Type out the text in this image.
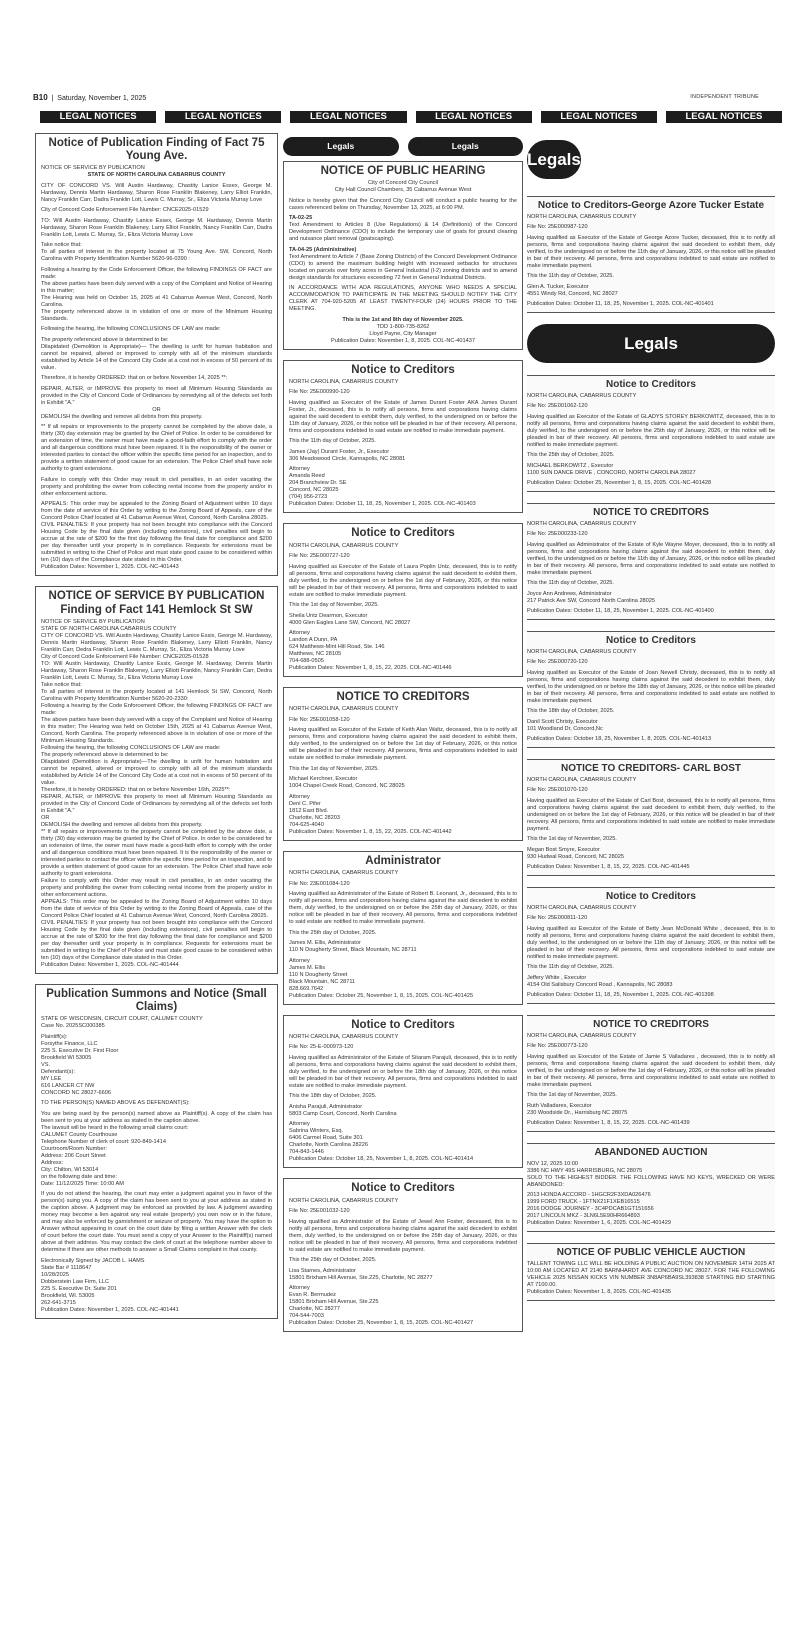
B10  |  Saturday, November 1, 2025	INDEPENDENT TRIBUNE
LEGAL NOTICES	LEGAL NOTICES	LEGAL NOTICES	LEGAL NOTICES	LEGAL NOTICES	LEGAL NOTICES
Notice of Publication Finding of Fact 75 Young Ave.
NOTICE OF SERVICE BY PUBLICATION
STATE OF NORTH CAROLINA CABARRUS COUNTY
CITY OF CONCORD VS. Will Austin Hardaway, Chastity Lanice Essex, George M. Hardaway, Dennis Martin Hardaway, Sharon Rose Franklin Blakeney, Larry Elliot Franklin, Nancy Franklin Carr, Dadra Franklin Lott, Lewis C. Murray, Sr., Eliza Victoria Murray Love
City of Concord Code Enforcement File Number: CNCE2025-01529
TO: Will Austin Hardaway, Chastity Lanice Essex, George M. Hardaway, Dennis Martin Hardaway, Sharon Rose Franklin Blakeney, Larry Elliot Franklin, Nancy Franklin Carr, Dadra Franklin Lott, Lewis C. Murray, Sr., Eliza Victoria Murray Love
Take notice that:
To all parties of interest in the property located at 75 Young Ave. SW, Concord, North Carolina with Property Identification Number 5620-96-0390 :
Following a hearing by the Code Enforcement Officer, the following FINDINGS OF FACT are made:
The above parties have been duly served with a copy of the Complaint and Notice of Hearing in this matter;
The Hearing was held on October 15, 2025 at 41 Cabarrus Avenue West, Concord, North Carolina.
The property referenced above is in violation of one or more of the Minimum Housing Standards.
Following the hearing, the following CONCLUSIONS OF LAW are made:
The property referenced above is determined to be:
Dilapidated (Demolition is Appropriate)— The dwelling is unfit for human habitation and cannot be repaired, altered or improved to comply with all of the minimum standards established by Article 14 of the Concord City Code at a cost not in excess of 50 percent of its value.
Therefore, it is hereby ORDERED: that on or before November 14, 2025 **:
REPAIR, ALTER, or IMPROVE this property to meet all Minimum Housing Standards as provided in the City of Concord Code of Ordinances by remedying all of the defects set forth in Exhibit "A."
OR
DEMOLISH the dwelling and remove all debris from this property.
** If all repairs or improvements to the property cannot be completed by the above date, a thirty (30) day extension may be granted by the Chief of Police. In order to be considered for an extension of time, the owner must have made a good-faith effort to comply with the order and all dangerous conditions must have been repaired. It is the responsibility of the owner or interested parties to contact the officer within the specific time period for an inspection, and to provide a written statement of good cause for an extension. The Police Chief shall have sole authority to grant extensions.
Failure to comply with this Order may result in civil penalties, in an order vacating the property and prohibiting the owner from collecting rental income from the property and/or in other enforcement actions.
APPEALS: This order may be appealed to the Zoning Board of Adjustment within 10 days from the date of service of this Order by writing to the Zoning Board of Appeals, care of the Concord Police Chief located at 41 Cabarrus Avenue West, Concord, North Carolina 28025.
CIVIL PENALTIES: If your property has not been brought into compliance with the Concord Housing Code by the final date given (including extensions), civil penalties will begin to accrue at the rate of $200 for the first day following the final date for compliance and $200 per day thereafter until your property is in compliance. Requests for extensions must be submitted in writing to the Chief of Police and must state good cause to be considered within ten (10) days of the Compliance date stated in this Order.
Publication Dates: November 1, 2025. COL-NC-401443
NOTICE OF SERVICE BY PUBLICATION Finding of Fact 141 Hemlock St SW
NOTICE OF SERVICE BY PUBLICATION
STATE OF NORTH CAROLINA CABARRUS COUNTY
CITY OF CONCORD VS. Will Austin Hardaway, Chastity Lanice Essix, George M. Hardaway, Dennis Martin Hardaway, Sharon Rose Franklin Blakeney, Larry Elliott Franklin, Nancy Franklin Carr, Dedra Franklin Lott, Lewis C. Murray, Sr., Eliza Victoria Murray Love
City of Concord Code Enforcement File Number: CNCE2025-01528
TO: Will Austin Hardaway, Chastity Lanice Essix, George M. Hardaway, Dennis Martin Hardaway, Sharon Rose Franklin Blakeney, Larry Elliott Franklin, Nancy Franklin Carr, Dedra Franklin Lott, Lewis C. Murray, Sr., Eliza Victoria Murray Love
Take notice that:
To all parties of interest in the property located at 141 Hemlock St SW, Concord, North Carolina with Property Identification Number 5620-20-2330:
Following a hearing by the Code Enforcement Officer, the following FINDINGS OF FACT are made:
The above parties have been duly served with a copy of the Complaint and Notice of Hearing in this matter; The Hearing was held on October 15th, 2025 at 41 Cabarrus Avenue West, Concord, North Carolina. The property referenced above is in violation of one or more of the Minimum Housing Standards.
Following the hearing, the following CONCLUSIONS OF LAW are made:
The property referenced above is determined to be:
Dilapidated (Demolition is Appropriate)—The dwelling is unfit for human habitation and cannot be repaired, altered or improved to comply with all of the minimum standards established by Article 14 of the Concord City Code at a cost not in excess of 50 percent of its value.
Therefore, it is hereby ORDERED: that on or before November 16th, 2025**:
REPAIR, ALTER, or IMPROVE this property to meet all Minimum Housing Standards as provided in the City of Concord Code of Ordinances by remedying all of the defects set forth in Exhibit "A."
OR
DEMOLISH the dwelling and remove all debris from this property.
** If all repairs or improvements to the property cannot be completed by the above date, a thirty (30) day extension may be granted by the Chief of Police. In order to be considered for an extension of time, the owner must have made a good-faith effort to comply with the order and all dangerous conditions must have been repaired. It is the responsibility of the owner or interested parties to contact the officer within the specific time period for an inspection, and to provide a written statement of good cause for an extension. The Police Chief shall have sole authority to grant extensions.
Failure to comply with this Order may result in civil penalties, in an order vacating the property and prohibiting the owner from collecting rental income from the property and/or in other enforcement actions.
APPEALS: This order may be appealed to the Zoning Board of Adjustment within 10 days from the date of service of this Order by writing to the Zoning Board of Appeals, care of the Concord Police Chief located at 41 Cabarrus Avenue West, Concord, North Carolina 28025.
CIVIL PENALTIES: If your property has not been brought into compliance with the Concord Housing Code by the final date given (including extensions), civil penalties will begin to accrue at the rate of $200 for the first day following the final date for compliance and $200 per day thereafter until your property is in compliance. Requests for extensions must be submitted in writing to the Chief of Police and must state good cause to be considered within ten (10) days of the Compliance date stated in this Order.
Publication Dates: November 1, 2025. COL-NC-401444
Publication Summons and Notice (Small Claims)
STATE OF WISCONSIN, CIRCUIT COURT, CALUMET COUNTY
Case No. 2025SC000385
Plaintiff(s):
Forsythe Finance, LLC
225 S. Executive Dr. First Floor
Brookfield WI 53005
VS.
Defendant(s):
MY LEE
616 LANCER CT NW
CONCORD NC 28027-6606
TO THE PERSON(S) NAMED ABOVE AS DEFENDANT(S):
You are being sued by the person(s) named above as Plaintiff(s). A copy of the claim has been sent to you at your address as stated in the caption above.
The lawsuit will be heard in the following small claims court:
CALUMET County Courthouse
Telephone Number of clerk of court: 920-849-1414
Courtroom/Room Number:
Address: 206 Court Street
Address:
City: Chilton, WI 53014
on the following date and time:
Date: 11/12/2025 Time: 10:00 AM
If you do not attend the hearing, the court may enter a judgment against you in favor of the person(s) suing you. A copy of the claim has been sent to you at your address as stated in the caption above. A judgment may be enforced as provided by law. A judgment awarding money may become a lien against any real estate (property) you own now or in the future, and may also be enforced by garnishment or seizure of property. You may have the option to Answer without appearing in court on the court date by filing a written Answer with the clerk of court before the court date. You must send a copy of your Answer to the Plaintiff(s) named above at their address. You may contact the clerk of court at the telephone number above to determine if there are other methods to answer a Small Claims complaint in that county.
Electronically Signed by JACOB L. HAMS
State Bar # 1118647
10/28/2025
Dobberstein Law Firm, LLC
225 S. Executive Dr. Suite 201
Brookfield, WI. 53005
262-641-3715
Publication Dates: November 1, 2025. COL-NC-401441
Legals	Legals
NOTICE OF PUBLIC HEARING
City of Concord City Council
City Hall Council Chambers, 35 Cabarrus Avenue West
Notice is hereby given that the Concord City Council will conduct a public hearing for the cases referenced below on Thursday, November 13, 2025, at 6:00 PM.
TA-02-25
Text Amendment to Articles 8 (Use Regulations) & 14 (Definitions) of the Concord Development Ordinance (CDO) to include the temporary use of goats for ground clearing and nuisance plant removal (goatscaping).
TA-04-25 (Administrative)
Text Amendment to Article 7 (Base Zoning Districts) of the Concord Development Ordinance (CDO) to amend the maximum building height with increased setbacks for structures located on parcels over forty acres in General Industrial (I-2) zoning districts and to amend design standards for structures exceeding 72 feet in General Industrial Districts.
IN ACCORDANCE WITH ADA REGULATIONS, ANYONE WHO NEEDS A SPECIAL ACCOMMODATION TO PARTICIPATE IN THE MEETING SHOULD NOTIFY THE CITY CLERK AT 704-920-5205 AT LEAST TWENTY-FOUR (24) HOURS PRIOR TO THE MEETING.
This is the 1st and 8th day of November 2025.
TDD 1-800-735-8262
Lloyd Payne, City Manager
Publication Dates: November 1, 8, 2025. COL-NC-401437
Notice to Creditors
NORTH CAROLINA, CABARRUS COUNTY
File No: 25E000990-120
Having qualified as Executor of the Estate of James Durant Foster AKA James Durant Foster, Jr., deceased, this is to notify all persons, firms and corporations having claims against the said decedent to exhibit them, duly verified, to the undersigned on or before the 11th day of January, 2026, or this notice will be pleaded in bar of their recovery. All persons, firms and corporations indebted to said estate are notified to make immediate payment.
This the 11th day of October, 2025.
James (Jay) Durant Foster, Jr., Executor
306 Meadowood Circle, Kannapolis, NC 28081
Attorney
Amanda Reed
204 Branchview Dr. SE
Concord, NC 28025
(704) 956-2723
Publication Dates: October 11, 18, 25, November 1, 2025. COL-NC-401403
Notice to Creditors
NORTH CAROLINA, CABARRUS COUNTY
File No: 25E000727-120
Having qualified as Executor of the Estate of Laura Poplin Untz, deceased, this is to notify all persons, firms and corporations having claims against the said decedent to exhibit them, duly verified, to the undersigned on or before the 1st day of February, 2026, or this notice will be pleaded in bar of their recovery. All persons, firms and corporations indebted to said estate are notified to make immediate payment.
This the 1st day of November, 2025.
Sheila Untz Dearmon, Executor
4000 Glen Eagles Lane SW, Concord, NC 28027
Attorney
Landon A Dunn, PA
624 Matthews-Mint Hill Road, Ste. 146
Matthews, NC 28105
704-688-0505
Publication Dates: November 1, 8, 15, 22, 2025. COL-NC-401446
NOTICE TO CREDITORS
NORTH CAROLINA, CABARRUS COUNTY
File No: 25E001058-120
Having qualified as Executor of the Estate of Keith Alan Waltz, deceased, this is to notify all persons, firms and corporations having claims against the said decedent to exhibit them, duly verified, to the undersigned on or before the 1st day of February, 2026, or this notice will be pleaded in bar of their recovery. All persons, firms and corporations indebted to said estate are notified to make immediate payment.
This the 1st day of November, 2025.
Michael Kerchner, Executor
1004 Chapel Creek Road, Concord, NC 28025
Attorney
Deni C. Pifer
1812 East Blvd.
Charlotte, NC 28203
704-625-4040
Publication Dates: November 1, 8, 15, 22, 2025. COL-NC-401442
Administrator
NORTH CAROLINA, CABARRUS COUNTY
File No: 23E001084-120
Having qualified as Administrator of the Estate of Robert B. Leonard, Jr., deceased, this is to notify all persons, firms and corporations having claims against the said decedent to exhibit them, duly verified, to the undersigned on or before the 25th day of January, 2026, or this notice will be pleaded in bar of their recovery. All persons, firms and corporations indebted to said estate are notified to make immediate payment.
This the 25th day of October, 2025.
James M. Ellis, Administrator
110 N Dougherty Street, Black Mountain, NC 28711
Attorney
James M. Ellis
110 N Dougherty Street
Black Mountain, NC 28711
828.669.7642
Publication Dates: October 25, November 1, 8, 15, 2025. COL-NC-401425
Notice to Creditors
NORTH CAROLINA, CABARRUS COUNTY
File No: 25-E-000973-120
Having qualified as Administrator of the Estate of Sitaram Parajuli, deceased, this is to notify all persons, firms and corporations having claims against the said decedent to exhibit them, duly verified, to the undersigned on or before the 18th day of January, 2026, or this notice will be pleaded in bar of their recovery. All persons, firms and corporations indebted to said estate are notified to make immediate payment.
This the 18th day of October, 2025.
Anisha Parajuli, Administrator
5803 Camp Court, Concord, North Carolina
Attorney
Sabrina Winters, Esq.
6406 Carmel Road, Suite 301
Charlotte, North Carolina 28226
704-843-1446
Publication Dates: October 18, 25, November 1, 8, 2025. COL-NC-401414
Notice to Creditors
NORTH CAROLINA, CABARRUS COUNTY
File No: 25E001032-120
Having qualified as Administrator of the Estate of Jewel Ann Foster, deceased, this is to notify all persons, firms and corporations having claims against the said decedent to exhibit them, duly verified, to the undersigned on or before the 25th day of January, 2026, or this notice will be pleaded in bar of their recovery. All persons, firms and corporations indebted to said estate are notified to make immediate payment.
This the 25th day of October, 2025.
Lisa Starnes, Administrator
15801 Brixham Hill Avenue, Ste.225, Charlotte, NC 28277
Attorney
Evan R. Bermudez
15801 Brixham Hill Avenue, Ste.225
Charlotte, NC 28277
704-544-7003
Publication Dates: October 25, November 1, 8, 15, 2025. COL-NC-401427
Legals
Notice to Creditors-George Azore Tucker Estate
NORTH CAROLINA, CABARRUS COUNTY
File No: 25E000987-120
Having qualified as Executor of the Estate of George Azore Tucker, deceased, this is to notify all persons, firms and corporations having claims against the said decedent to exhibit them, duly verified, to the undersigned on or before the 11th day of January, 2026, or this notice will be pleaded in bar of their recovery. All persons, firms and corporations indebted to said estate are notified to make immediate payment.
This the 11th day of October, 2025.
Glen A. Tucker, Executor
4551 Windy Rd, Concord, NC 28027
Publication Dates: October 11, 18, 25, November 1, 2025. COL-NC-401401
Legals
Notice to Creditors
NORTH CAROLINA, CABARRUS COUNTY
File No: 25E001062-120
Having qualified as Executor of the Estate of GLADYS STOREY BERKOWITZ, deceased, this is to notify all persons, firms and corporations having claims against the said decedent to exhibit them, duly verified, to the undersigned on or before the 25th day of January, 2026, or this notice will be pleaded in bar of their recovery. All persons, firms and corporations indebted to said estate are notified to make immediate payment.
This the 25th day of October, 2025.
MICHAEL BERKOWITZ , Executor
1100 SUN DANCE DRIVE , CONCORD, NORTH CAROLINA 28027
Publication Dates: October 25, November 1, 8, 15, 2025. COL-NC-401428
NOTICE TO CREDITORS
NORTH CAROLINA, CABARRUS COUNTY
File No: 25E000233-120
Having qualified as Administrator of the Estate of Kyle Wayne Moyer, deceased, this is to notify all persons, firms and corporations having claims against the said decedent to exhibit them, duly verified, to the undersigned on or before the 11th day of January, 2026, or this notice will be pleaded in bar of their recovery. All persons, firms and corporations indebted to said estate are notified to make immediate payment.
This the 11th day of October, 2025.
Joyce Ann Andrews, Administrator
217 Patrick Ave SW, Concord North Carolina 28025
Publication Dates: October 11, 18, 25, November 1, 2025. COL-NC-401400
Notice to Creditors
NORTH CAROLINA, CABARRUS COUNTY
File No: 25E000720-120
Having qualified as Executor of the Estate of Joan Newell Christy, deceased, this is to notify all persons, firms and corporations having claims against the said decedent to exhibit them, duly verified, to the undersigned on or before the 18th day of January, 2026, or this notice will be pleaded in bar of their recovery. All persons, firms and corporations indebted to said estate are notified to make immediate payment.
This the 18th day of October, 2025.
Danil Scott Christy, Executor
101 Woodland Dr, Concord,Nc
Publication Dates: October 18, 25, November 1, 8, 2025. COL-NC-401413
NOTICE TO CREDITORS- CARL BOST
NORTH CAROLINA, CABARRUS COUNTY
File No: 25E001070-120
Having qualified as Executor of the Estate of Carl Bost, deceased, this is to notify all persons, firms and corporations having claims against the said decedent to exhibit them, duly verified, to the undersigned on or before the 1st day of February, 2026, or this notice will be pleaded in bar of their recovery. All persons, firms and corporations indebted to said estate are notified to make immediate payment.
This the 1st day of November, 2025.
Megan Bost Smyre, Executor
930 Hudwal Road, Concord, NC 28025
Publication Dates: November 1, 8, 15, 22, 2025. COL-NC-401445
Notice to Creditors
NORTH CAROLINA, CABARRUS COUNTY
File No: 25E000811-120
Having qualified as Executor of the Estate of Betty Jean McDonald White , deceased, this is to notify all persons, firms and corporations having claims against the said decedent to exhibit them, duly verified, to the undersigned on or before the 11th day of January, 2026, or this notice will be pleaded in bar of their recovery. All persons, firms and corporations indebted to said estate are notified to make immediate payment.
This the 11th day of October, 2025.
Jeffery White , Executor
4154 Old Salisbury Concord Road , Kannapolis, NC 28083
Publication Dates: October 11, 18, 25, November 1, 2025. COL-NC-401398
NOTICE TO CREDITORS
NORTH CAROLINA, CABARRUS COUNTY
File No: 25E000773-120
Having qualified as Executor of the Estate of Jamie S Valladares , deceased, this is to notify all persons, firms and corporations having claims against the said decedent to exhibit them, duly verified, to the undersigned on or before the 1st day of February, 2026, or this notice will be pleaded in bar of their recovery. All persons, firms and corporations indebted to said estate are notified to make immediate payment.
This the 1st day of November, 2025.
Ruth Valladares, Executor
230 Woodside Dr., Harrisburg NC 28075
Publication Dates: November 1, 8, 15, 22, 2025. COL-NC-401439
ABANDONED AUCTION
NOV 12, 2025 10:00
3386 NC HWY 49S HARRISBURG, NC 28075
SOLD TO THE HIGHEST BIDDER. THE FOLLOWING HAVE NO KEYS, WRECKED OR WERE ABANDONED:
2013 HONDA ACCORD - 1HGCR2F3XDA026476
1999 FORD TRUCK - 1FTNX21F1XEB16515
2016 DODGE JOURNEY - 3C4PDCAB1GT151656
2017 LINCOLN MKZ - 3LN6L5E90HR664893
Publication Dates: November 1, 6, 2025. COL-NC-401429
NOTICE OF PUBLIC VEHICLE AUCTION
TALLENT TOWING LLC WILL BE HOLDING A PUBLIC AUCTION ON NOVEMBER 14TH 2025 AT 10:00 AM LOCATED AT 2140 BARNHARDT AVE CONCORD NC 28027. FOR THE FOLLOWING VEHICLE 2025 NISSAN KICKS VIN NUMBER 3N8AP6BA9SL393838 STARTING BID STARTING AT 7100.00.
Publication Dates: November 1, 8, 2025. COL-NC-401435
